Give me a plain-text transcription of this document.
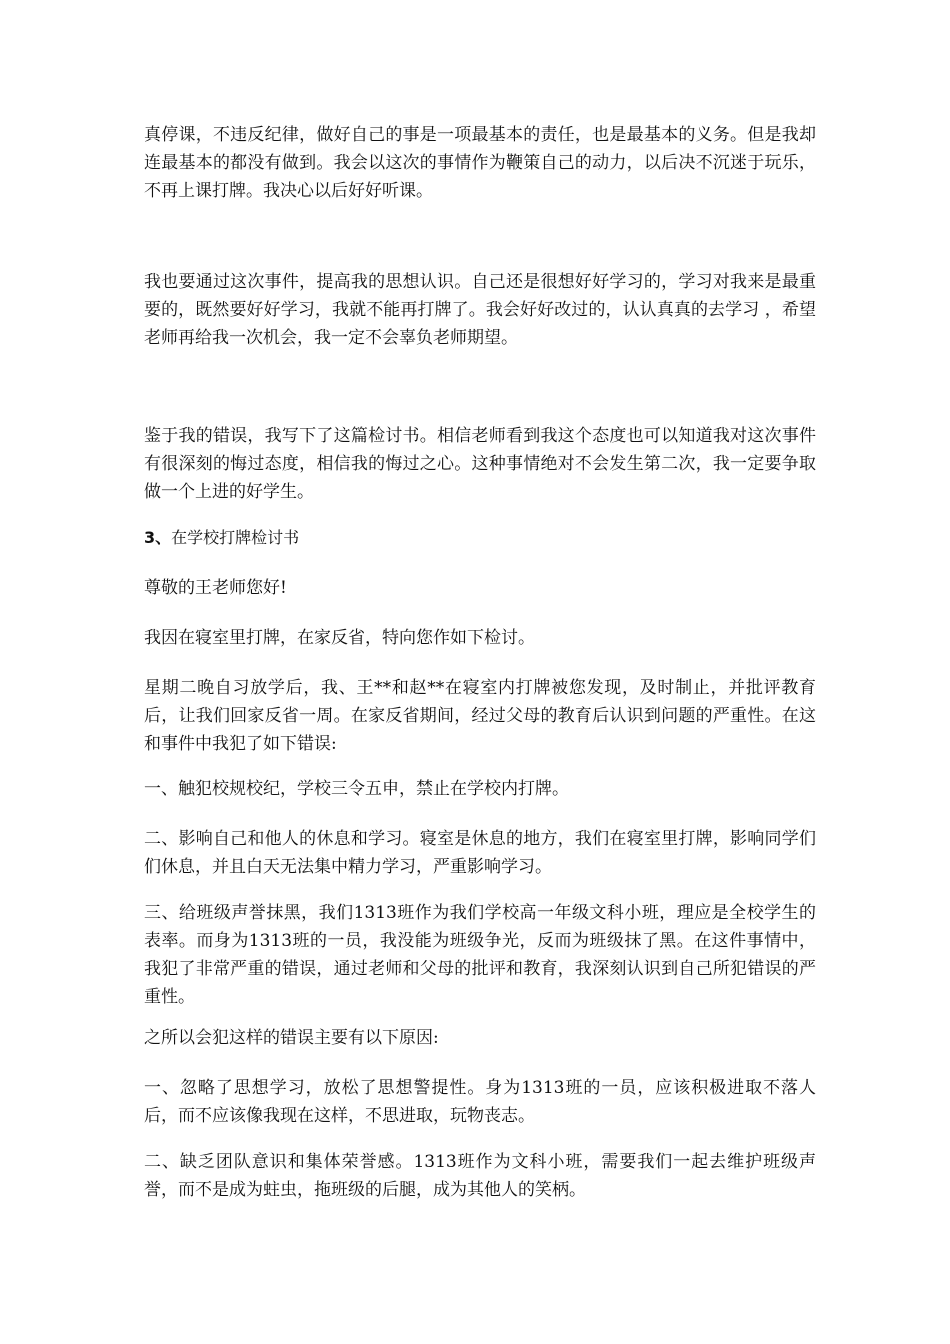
真停课，不违反纪律，做好自己的事是一项最基本的责任，也是最基本的义务。但是我却连最基本的都没有做到。我会以这次的事情作为鞭策自己的动力，以后决不沉迷于玩乐，不再上课打牌。我决心以后好好听课。

我也要通过这次事件，提高我的思想认识。自己还是很想好好学习的，学习对我来是最重要的，既然要好好学习，我就不能再打牌了。我会好好改过的，认认真真的去学习 ，希望老师再给我一次机会，我一定不会辜负老师期望。

鉴于我的错误，我写下了这篇检讨书。相信老师看到我这个态度也可以知道我对这次事件有很深刻的悔过态度，相信我的悔过之心。这种事情绝对不会发生第二次，我一定要争取做一个上进的好学生。

3、在学校打牌检讨书

尊敬的王老师您好!

我因在寝室里打牌，在家反省，特向您作如下检讨。

星期二晚自习放学后，我、王**和赵**在寝室内打牌被您发现，及时制止，并批评教育后，让我们回家反省一周。在家反省期间，经过父母的教育后认识到问题的严重性。在这和事件中我犯了如下错误:

一、触犯校规校纪，学校三令五申，禁止在学校内打牌。

二、影响自己和他人的休息和学习。寝室是休息的地方，我们在寝室里打牌，影响同学们们休息，并且白天无法集中精力学习，严重影响学习。

三、给班级声誉抹黑，我们1313班作为我们学校高一年级文科小班，理应是全校学生的表率。而身为1313班的一员，我没能为班级争光，反而为班级抹了黑。在这件事情中，我犯了非常严重的错误，通过老师和父母的批评和教育，我深刻认识到自己所犯错误的严重性。

之所以会犯这样的错误主要有以下原因:

一、忽略了思想学习，放松了思想警提性。身为1313班的一员，应该积极进取不落人后，而不应该像我现在这样，不思进取，玩物丧志。

二、缺乏团队意识和集体荣誉感。1313班作为文科小班，需要我们一起去维护班级声誉，而不是成为蛀虫，拖班级的后腿，成为其他人的笑柄。
